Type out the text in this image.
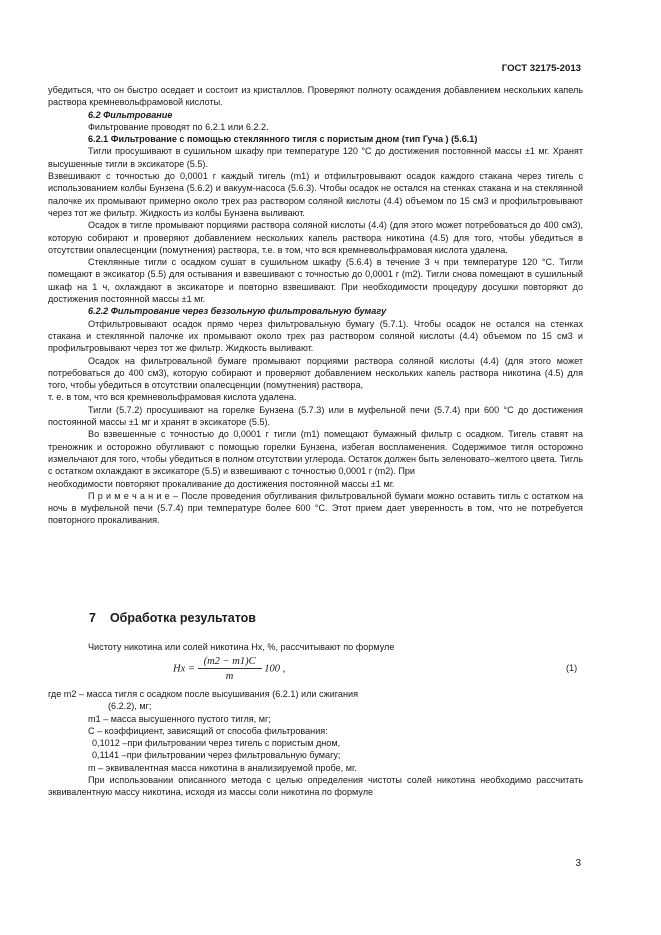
ГОСТ 32175-2013

убедиться, что он быстро оседает и состоит из кристаллов. Проверяют полноту осаждения добавлением нескольких капель раствора кремневольфрамовой кислоты.

6.2 Фильтрование

Фильтрование проводят по 6.2.1 или 6.2.2.

6.2.1 Фильтрование с помощью стеклянного тигля с пористым дном (тип Гуча ) (5.6.1)

Тигли просушивают в сушильном шкафу при температуре 120 °С до достижения постоянной массы ±1 мг. Хранят высушенные тигли в эксикаторе (5.5).

Взвешивают с точностью до 0,0001 г каждый тигель (m1) и отфильтровывают осадок каждого стакана через тигель с использованием колбы Бунзена (5.6.2) и вакуум-насоса (5.6.3). Чтобы осадок не остался на стенках стакана и на стеклянной палочке их промывают примерно около трех раз раствором соляной кислоты (4.4) объемом по 15 см3 и профильтровывают через тот же фильтр. Жидкость из колбы Бунзена выливают.

Осадок в тигле промывают порциями раствора соляной кислоты (4.4) (для этого может потребоваться до 400 см3), которую собирают и проверяют добавлением нескольких капель раствора никотина (4.5) для того, чтобы убедиться в отсутствии опалесценции (помутнения) раствора, т.е. в том, что вся кремневольфрамовая кислота удалена.

Стеклянные тигли с осадком сушат в сушильном шкафу (5.6.4) в течение 3 ч при температуре 120 °С. Тигли помещают в эксикатор (5.5) для остывания и взвешивают с точностью до 0,0001 г (m2). Тигли снова помещают в сушильный шкаф на 1 ч, охлаждают в эксикаторе и повторно взвешивают. При необходимости процедуру досушки повторяют до достижения постоянной массы ±1 мг.

6.2.2 Фильтрование через беззольную фильтровальную бумагу

Отфильтровывают осадок прямо через фильтровальную бумагу (5.7.1). Чтобы осадок не остался на стенках стакана и стеклянной палочке их промывают около трех раз раствором соляной кислоты (4.4) объемом по 15 см3 и профильтровывают через тот же фильтр. Жидкость выливают.

Осадок на фильтровальной бумаге промывают порциями раствора соляной кислоты (4.4) (для этого может потребоваться до 400 см3), которую собирают и проверяют добавлением нескольких капель раствора никотина (4.5) для того, чтобы убедиться в отсутствии опалесценции (помутнения) раствора,

т. е. в том, что вся кремневольфрамовая кислота удалена.

Тигли (5.7.2) просушивают на горелке Бунзена (5.7.3) или в муфельной печи (5.7.4) при 600 °С до достижения постоянной массы ±1 мг и хранят в эксикаторе (5.5).

Во взвешенные с точностью до 0,0001 г тигли (m1) помещают бумажный фильтр с осадком. Тигель ставят на треножник и осторожно обугливают с помощью горелки Бунзена, избегая воспламенения. Содержимое тигля осторожно измельчают для того, чтобы убедиться в полном отсутствии углерода. Остаток должен быть зеленовато–желтого цвета. Тигль с остатком охлаждают в эксикаторе (5.5) и взвешивают с точностью 0,0001 г (m2). При

необходимости повторяют прокаливание до достижения постоянной массы ±1 мг.

П р и м е ч а н и е – После проведения обугливания фильтровальной бумаги можно оставить тигль с остатком на ночь в муфельной печи (5.7.4) при температуре более 600 °С. Этот прием дает уверенность в том, что не потребуется повторного прокаливания.

7 Обработка результатов

Чистоту никотина или солей никотина Hx, %, рассчитывают по формуле

$Hx = \frac{(m2 - m1)C}{m} 100$ ,	(1)

где m2 – масса тигля с осадком после высушивания (6.2.1) или сжигания

(6.2.2), мг;

m1 – масса высушенного пустого тигля, мг;

C – коэффициент, зависящий от способа фильтрования:

0,1012 –при фильтровании через тигель с пористым дном,

0,1141 –при фильтровании через фильтровальную бумагу;

m – эквивалентная масса никотина в анализируемой пробе, мг.

При использовании описанного метода с целью определения чистоты солей никотина необходимо рассчитать эквивалентную массу никотина, исходя из массы соли никотина по формуле

3
